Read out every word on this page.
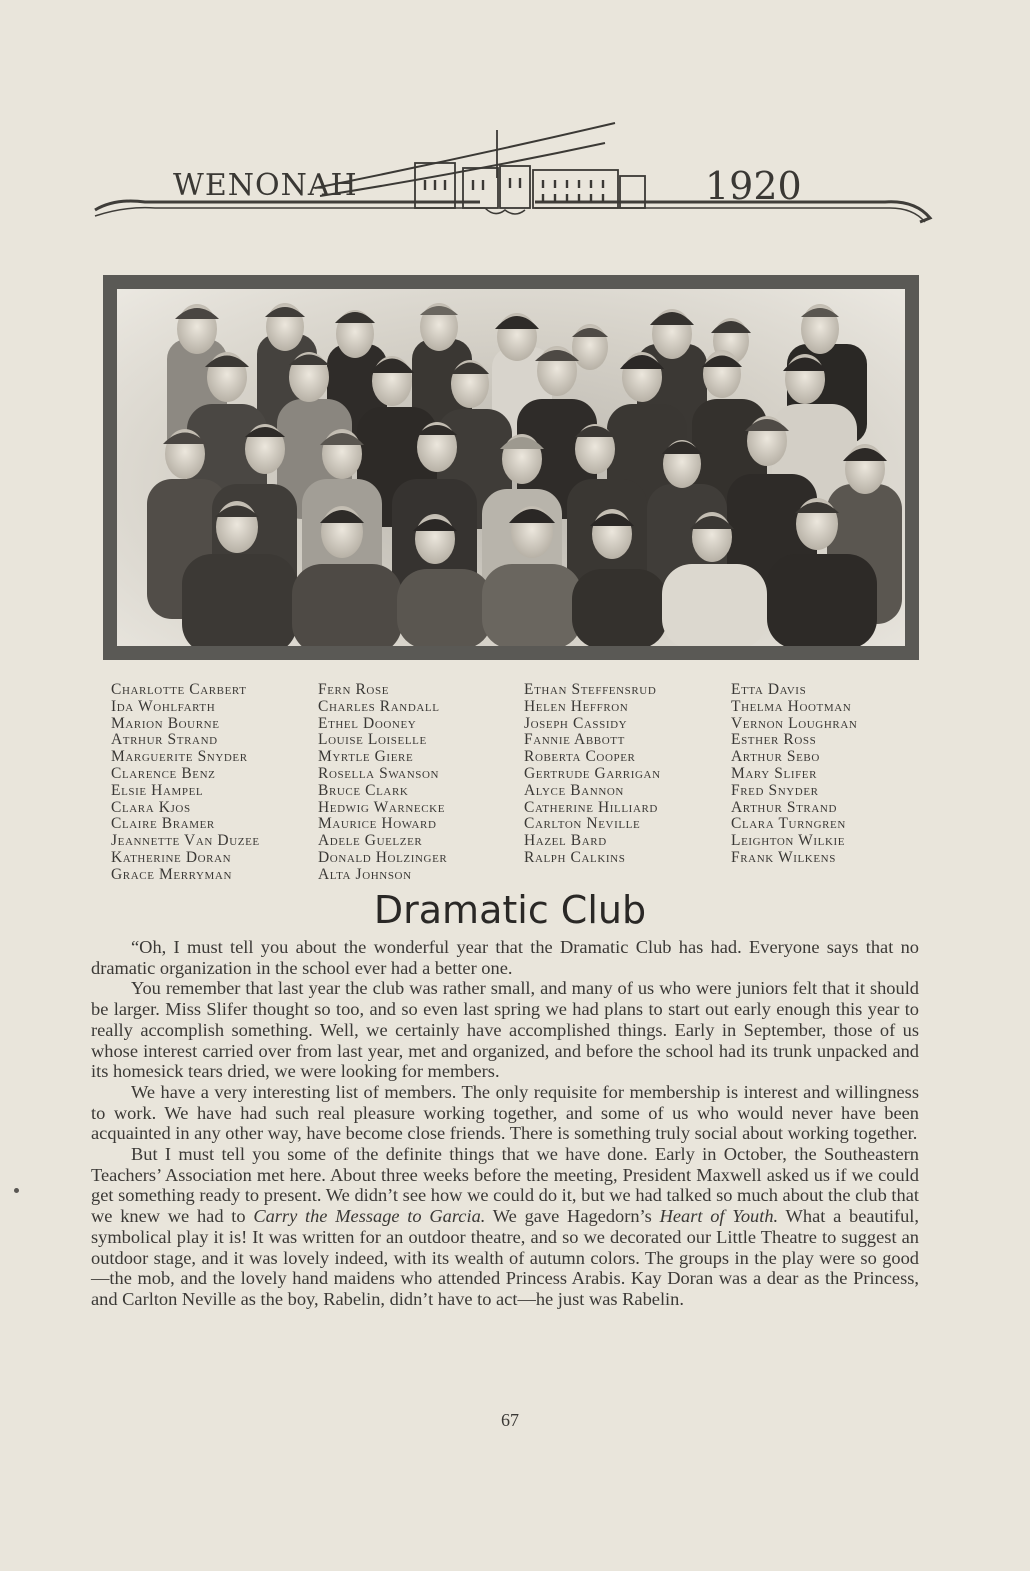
WENONAH	1920
Charlotte Carbert
Ida Wohlfarth
Marion Bourne
Atrhur Strand
Marguerite Snyder
Clarence Benz
Elsie Hampel
Clara Kjos
Claire Bramer
Jeannette Van Duzee
Katherine Doran
Grace Merryman
Fern Rose
Charles Randall
Ethel Dooney
Louise Loiselle
Myrtle Giere
Rosella Swanson
Bruce Clark
Hedwig Warnecke
Maurice Howard
Adele Guelzer
Donald Holzinger
Alta Johnson
Ethan Steffensrud
Helen Heffron
Joseph Cassidy
Fannie Abbott
Roberta Cooper
Gertrude Garrigan
Alyce Bannon
Catherine Hilliard
Carlton Neville
Hazel Bard
Ralph Calkins
Etta Davis
Thelma Hootman
Vernon Loughran
Esther Ross
Arthur Sebo
Mary Slifer
Fred Snyder
Arthur Strand
Clara Turngren
Leighton Wilkie
Frank Wilkens
Dramatic Club

“Oh, I must tell you about the wonderful year that the Dramatic Club has had. Everyone says that no dramatic organization in the school ever had a better one.

You remember that last year the club was rather small, and many of us who were juniors felt that it should be larger. Miss Slifer thought so too, and so even last spring we had plans to start out early enough this year to really accomplish something. Well, we certainly have accomplished things. Early in September, those of us whose interest carried over from last year, met and organized, and before the school had its trunk unpacked and its homesick tears dried, we were looking for members.

We have a very interesting list of members. The only requisite for membership is interest and willingness to work. We have had such real pleasure working together, and some of us who would never have been acquainted in any other way, have become close friends. There is something truly social about working together.

But I must tell you some of the definite things that we have done. Early in October, the Southeastern Teachers’ Association met here. About three weeks before the meeting, President Maxwell asked us if we could get something ready to present. We didn’t see how we could do it, but we had talked so much about the club that we knew we had to Carry the Message to Garcia. We gave Hagedorn’s Heart of Youth. What a beautiful, symbolical play it is! It was written for an outdoor theatre, and so we decorated our Little Theatre to suggest an outdoor stage, and it was lovely indeed, with its wealth of autumn colors. The groups in the play were so good—the mob, and the lovely hand maidens who attended Princess Arabis. Kay Doran was a dear as the Princess, and Carlton Neville as the boy, Rabelin, didn’t have to act—he just was Rabelin.

67
